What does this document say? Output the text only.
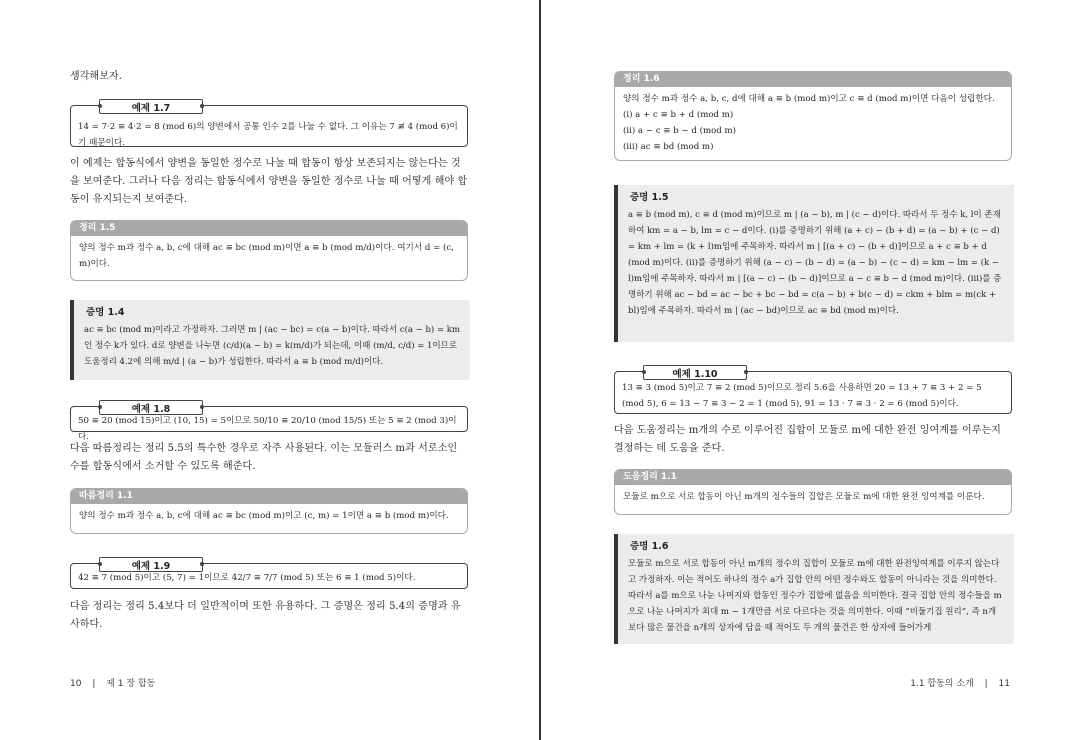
생각해보자.

예제 1.7
14 = 7·2 ≡ 4·2 = 8 (mod 6)의 양변에서 공통 인수 2를 나눌 수 없다. 그 이유는 7 ≢ 4 (mod 6)이기 때문이다.

이 예제는 합동식에서 양변을 동일한 정수로 나눌 때 합동이 항상 보존되지는 않는다는 것을 보여준다. 그러나 다음 정리는 합동식에서 양변을 동일한 정수로 나눌 때 어떻게 해야 합동이 유지되는지 보여준다.

정리 1.5
양의 정수 m과 정수 a, b, c에 대해 ac ≡ bc (mod m)이면 a ≡ b (mod m/d)이다. 여기서 d = (c, m)이다.
증명 1.4
ac ≡ bc (mod m)이라고 가정하자. 그러면 m | (ac − bc) = c(a − b)이다. 따라서 c(a − b) = km인 정수 k가 있다. d로 양변을 나누면 (c/d)(a − b) = k(m/d)가 되는데, 이때 (m/d, c/d) = 1이므로 도움정리 4.2에 의해 m/d | (a − b)가 성립한다. 따라서 a ≡ b (mod m/d)이다.
예제 1.8
50 ≡ 20 (mod 15)이고 (10, 15) = 5이므로 50/10 ≡ 20/10 (mod 15/5) 또는 5 ≡ 2 (mod 3)이다.

다음 따름정리는 정리 5.5의 특수한 경우로 자주 사용된다. 이는 모듈러스 m과 서로소인 수를 합동식에서 소거할 수 있도록 해준다.

따름정리 1.1
양의 정수 m과 정수 a, b, c에 대해 ac ≡ bc (mod m)이고 (c, m) = 1이면 a ≡ b (mod m)이다.
예제 1.9
42 ≡ 7 (mod 5)이고 (5, 7) = 1이므로 42/7 ≡ 7/7 (mod 5) 또는 6 ≡ 1 (mod 5)이다.

다음 정리는 정리 5.4보다 더 일반적이며 또한 유용하다. 그 증명은 정리 5.4의 증명과 유사하다.

10 | 제 1 장 합동
정리 1.6
양의 정수 m과 정수 a, b, c, d에 대해 a ≡ b (mod m)이고 c ≡ d (mod m)이면 다음이 성립한다.
(i) a + c ≡ b + d (mod m)
(ii) a − c ≡ b − d (mod m)
(iii) ac ≡ bd (mod m)
증명 1.5
a ≡ b (mod m), c ≡ d (mod m)이므로 m | (a − b), m | (c − d)이다. 따라서 두 정수 k, l이 존재하여 km = a − b, lm = c − d이다. (i)를 증명하기 위해 (a + c) − (b + d) = (a − b) + (c − d) = km + lm = (k + l)m임에 주목하자. 따라서 m | [(a + c) − (b + d)]이므로 a + c ≡ b + d (mod m)이다. (ii)를 증명하기 위해 (a − c) − (b − d) = (a − b) − (c − d) = km − lm = (k − l)m임에 주목하자. 따라서 m | [(a − c) − (b − d)]이므로 a − c ≡ b − d (mod m)이다. (iii)를 증명하기 위해 ac − bd = ac − bc + bc − bd = c(a − b) + b(c − d) = ckm + blm = m(ck + bl)임에 주목하자. 따라서 m | (ac − bd)이므로 ac ≡ bd (mod m)이다.
예제 1.10
13 ≡ 3 (mod 5)이고 7 ≡ 2 (mod 5)이므로 정리 5.6을 사용하면 20 = 13 + 7 ≡ 3 + 2 = 5 (mod 5), 6 = 13 − 7 ≡ 3 − 2 = 1 (mod 5), 91 = 13 · 7 ≡ 3 · 2 = 6 (mod 5)이다.

다음 도움정리는 m개의 수로 이루어진 집합이 모듈로 m에 대한 완전 잉여계를 이루는지 결정하는 데 도움을 준다.

도움정리 1.1
모듈로 m으로 서로 합동이 아닌 m개의 정수들의 집합은 모듈로 m에 대한 완전 잉여계를 이룬다.
증명 1.6
모듈로 m으로 서로 합동이 아닌 m개의 정수의 집합이 모듈로 m에 대한 완전잉여계를 이루지 않는다고 가정하자. 이는 적어도 하나의 정수 a가 집합 안의 어떤 정수와도 합동이 아니라는 것을 의미한다. 따라서 a를 m으로 나눈 나머지와 합동인 정수가 집합에 없음을 의미한다. 결국 집합 안의 정수들을 m으로 나눈 나머지가 최대 m − 1개만큼 서로 다르다는 것을 의미한다. 이때 “비둘기집 원리”, 즉 n개 보다 많은 물건을 n개의 상자에 담을 때 적어도 두 개의 물건은 한 상자에 들어가게
1.1 합동의 소개 | 11
